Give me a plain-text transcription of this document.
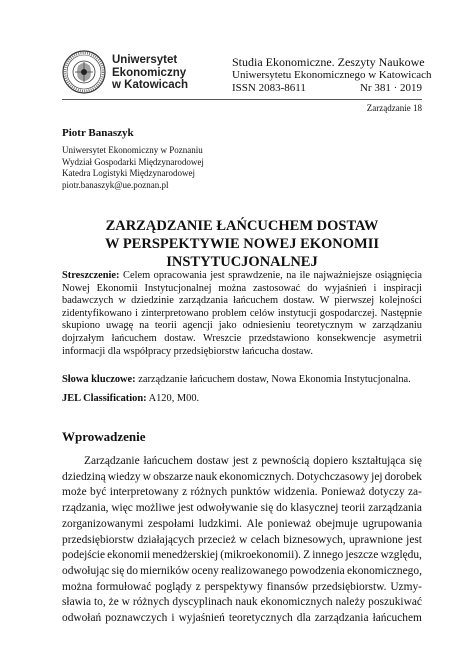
Uniwersytet
Ekonomiczny
w Katowicach
Studia Ekonomiczne. Zeszyty Naukowe
Uniwersytetu Ekonomicznego w Katowicach
ISSN 2083-8611	Nr 381 · 2019
Zarządzanie 18
Piotr Banaszyk
Uniwersytet Ekonomiczny w Poznaniu
Wydział Gospodarki Międzynarodowej
Katedra Logistyki Międzynarodowej
piotr.banaszyk@ue.poznan.pl
ZARZĄDZANIE ŁAŃCUCHEM DOSTAW
W PERSPEKTYWIE NOWEJ EKONOMII
INSTYTUCJONALNEJ
Streszczenie: Celem opracowania jest sprawdzenie, na ile najważniejsze osiągnięcia Nowej Ekonomii Instytucjonalnej można zastosować do wyjaśnień i inspiracji badawczych w dziedzinie zarządzania łańcuchem dostaw. W pierwszej kolejności zidentyfikowano i zinterpretowano problem celów instytucji gospodarczej. Następnie skupiono uwagę na teorii agencji jako odniesieniu teoretycznym w zarządzaniu dojrzałym łańcuchem dostaw. Wreszcie przedstawiono konsekwencje asymetrii informacji dla współpracy przedsiębiorstw łańcucha dostaw.
Słowa kluczowe: zarządzanie łańcuchem dostaw, Nowa Ekonomia Instytucjonalna.
JEL Classification: A120, M00.
Wprowadzenie
Zarządzanie łańcuchem dostaw jest z pewnością dopiero kształtująca się
dziedziną wiedzy w obszarze nauk ekonomicznych. Dotychczasowy jej dorobek
może być interpretowany z różnych punktów widzenia. Ponieważ dotyczy za-
rządzania, więc możliwe jest odwoływanie się do klasycznej teorii zarządzania
zorganizowanymi zespołami ludzkimi. Ale ponieważ obejmuje ugrupowania
przedsiębiorstw działających przecież w celach biznesowych, uprawnione jest
podejście ekonomii menedżerskiej (mikroekonomii). Z innego jeszcze względu,
odwołując się do mierników oceny realizowanego powodzenia ekonomicznego,
można formułować poglądy z perspektywy finansów przedsiębiorstw. Uzmy-
sławia to, że w różnych dyscyplinach nauk ekonomicznych należy poszukiwać
odwołań poznawczych i wyjaśnień teoretycznych dla zarządzania łańcuchem
